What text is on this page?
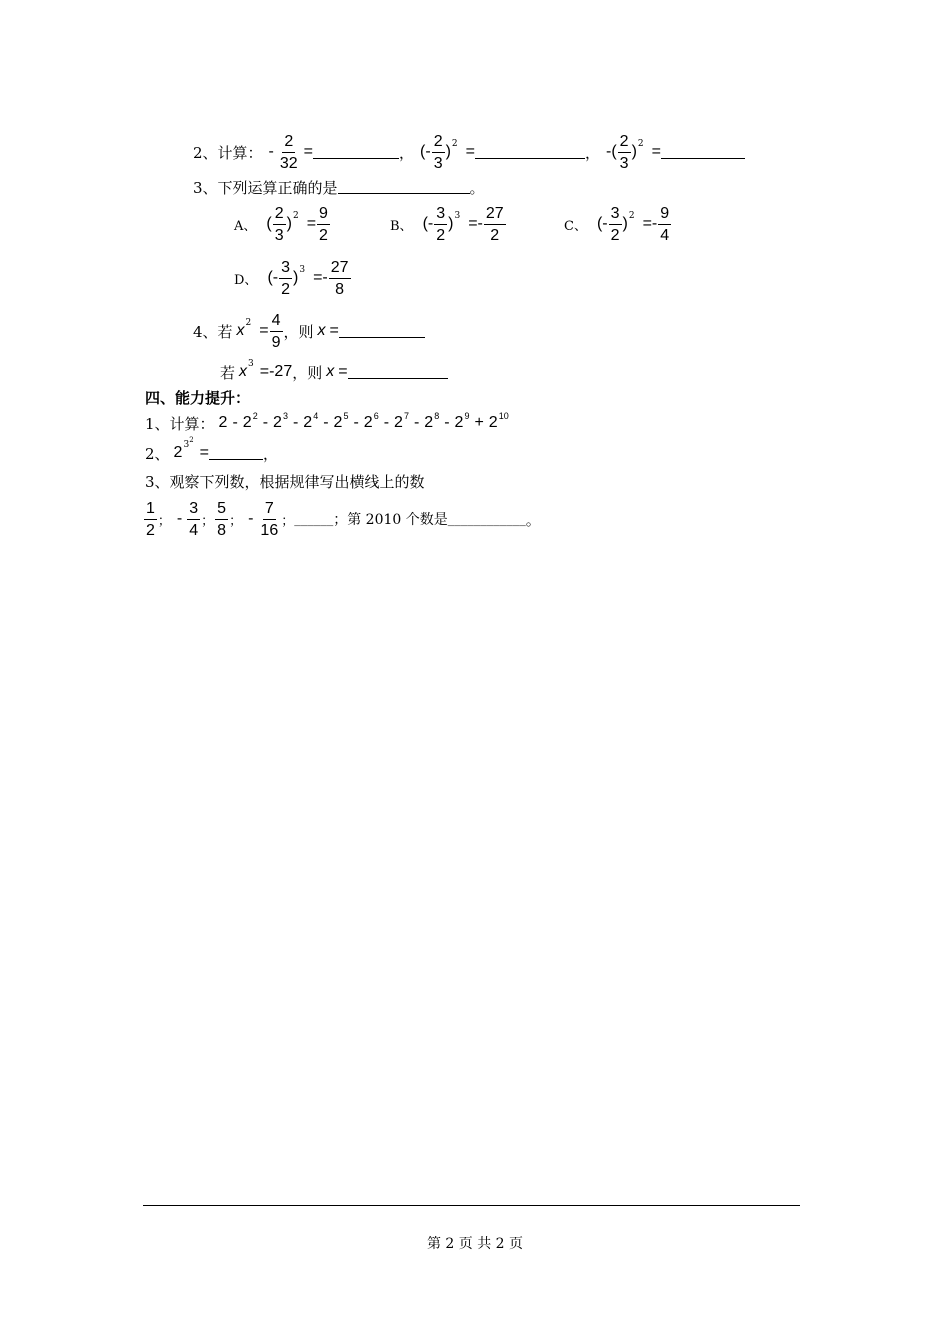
2、计算： - $\frac{2}{32}$ =	， (- $\frac{2}{3}$ ) 2 =	， -( $\frac{2}{3}$ ) 2 =
3、下列运算正确的是	。
A、 ( $\frac{2}{3}$ ) $2 = \frac{9}{2}$	B、 (- $\frac{3}{2}$ ) $3 =- \frac{27}{2}$	C、 (- $\frac{3}{2}$ ) $2 =- \frac{9}{4}$
D、 (- $\frac{3}{2}$ ) $3 =- \frac{27}{8}$
4、若 x $2 = \frac{4}{9}$ ，则 x =
若 x 3 =-27 ，则 x =
四、能力提升：
1、计算： $2 - 2^2 - 2^3 - 2^4 - 2^5 - 2^6 - 2^7 - 2^8 - 2^9 + 2^{10}$
2、 2 3 2
=	，
3、观察下列数，根据规律写出横线上的数
$\frac{1}{2}$ ； - $\frac{3}{4}$ ； $\frac{5}{8}$ ； - $\frac{7}{16}$ ； ______ ；第 2010 个数是 ____________ 。
第 2 页 共 2 页
